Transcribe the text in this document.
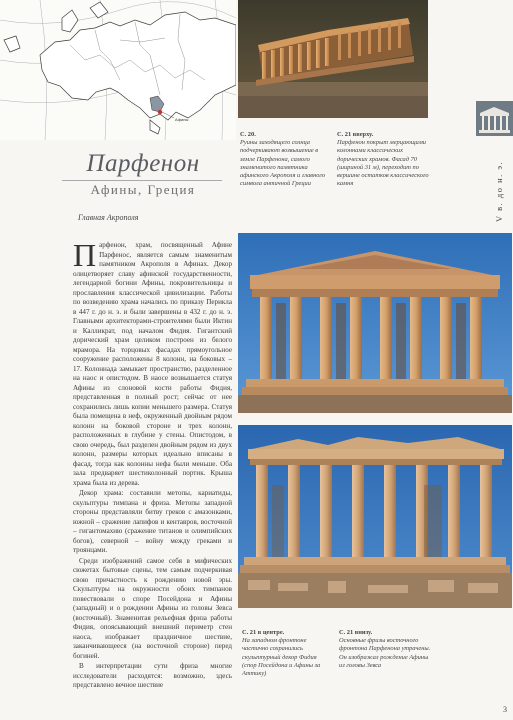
Афины
Парфенон
Афины, Греция
Главная Акрополя

Парфенон, храм, посвященный Афине Парфенос, является самым знаменитым памятником Акрополя в Афинах. Декор олицетворяет славу афинской государственности, легендарной богини Афины, покровительницы и прославления классической цивилизации. Работы по возведению храма начались по приказу Перикла в 447 г. до н. э. и были завершены в 432 г. до н. э. Главными архитекторами-строителями были Иктин и Калликрат, под началом Фидия. Гигантский дорический храм целиком построен из белого мрамора. На торцовых фасадах прямоугольное сооружение расположены 8 колонн, на боковых – 17. Колоннада замыкает пространство, разделенное на наос и опистодом. В наосе возвышается статуя Афины из слоновой кости работы Фидия, представленная в полный рост; сейчас от нее сохранились лишь копии меньшего размера. Статуя была помещена в неф, окруженный двойным рядом колонн на боковой стороне и трех колонн, расположенных в глубине у стены. Опистодом, в свою очередь, был разделен двойным рядом из двух колонн, размеры которых идеально вписаны в фасад, тогда как колонны нефа были меньше. Оба зала предваряет шестиколонный портик. Крыша храма была из дерева.

Декор храма: составили метопы, кариатиды, скульптуры тимпана и фриза. Метопы западной стороны представляли битву греков с амазонками, южной – сражение лапифов и кентавров, восточной – гигантомахию (сражение титанов и олимпийских богов), северной – войну между греками и троянцами.

Среди изображений самое себя в мифических сюжетах бытовые сцены, тем самым подчеркивая свою причастность к рождению новой эры. Скульптуры на окружности обоих тимпанов повествовали о споре Посейдона и Афины (западный) и о рождении Афины из головы Зевса (восточный). Знаменитая рельефная фриза работы Фидия, опоясывающий внешний периметр стен наоса, изображает праздничное шествие, заканчивающееся (на восточной стороне) перед богиней.

В интерпретации сути фриза многие исследователи расходятся: возможно, здесь представлено вечное шествие

С. 20.
Руины заходящего солнца подчеркивают возвышение в земле Парфенона, самого знаменитого памятника афинского Акрополя и главного символа античной Греции
С. 21 вверху.
Парфенон покрыт мерцающими колоннами классических дорических храмов. Фасад 70 (шириной 31 м), переходит по вершине остатков классического камня
С. 21 в центре.
На западном фронтоне частично сохранились скульптурный декор Фидия (спор Посейдона и Афины за Аттику)
С. 21 внизу.
Основные фризы восточного фронтона Парфенона утрачены. Он изображал рождение Афины из головы Зевса
V в. до н. э.
3
